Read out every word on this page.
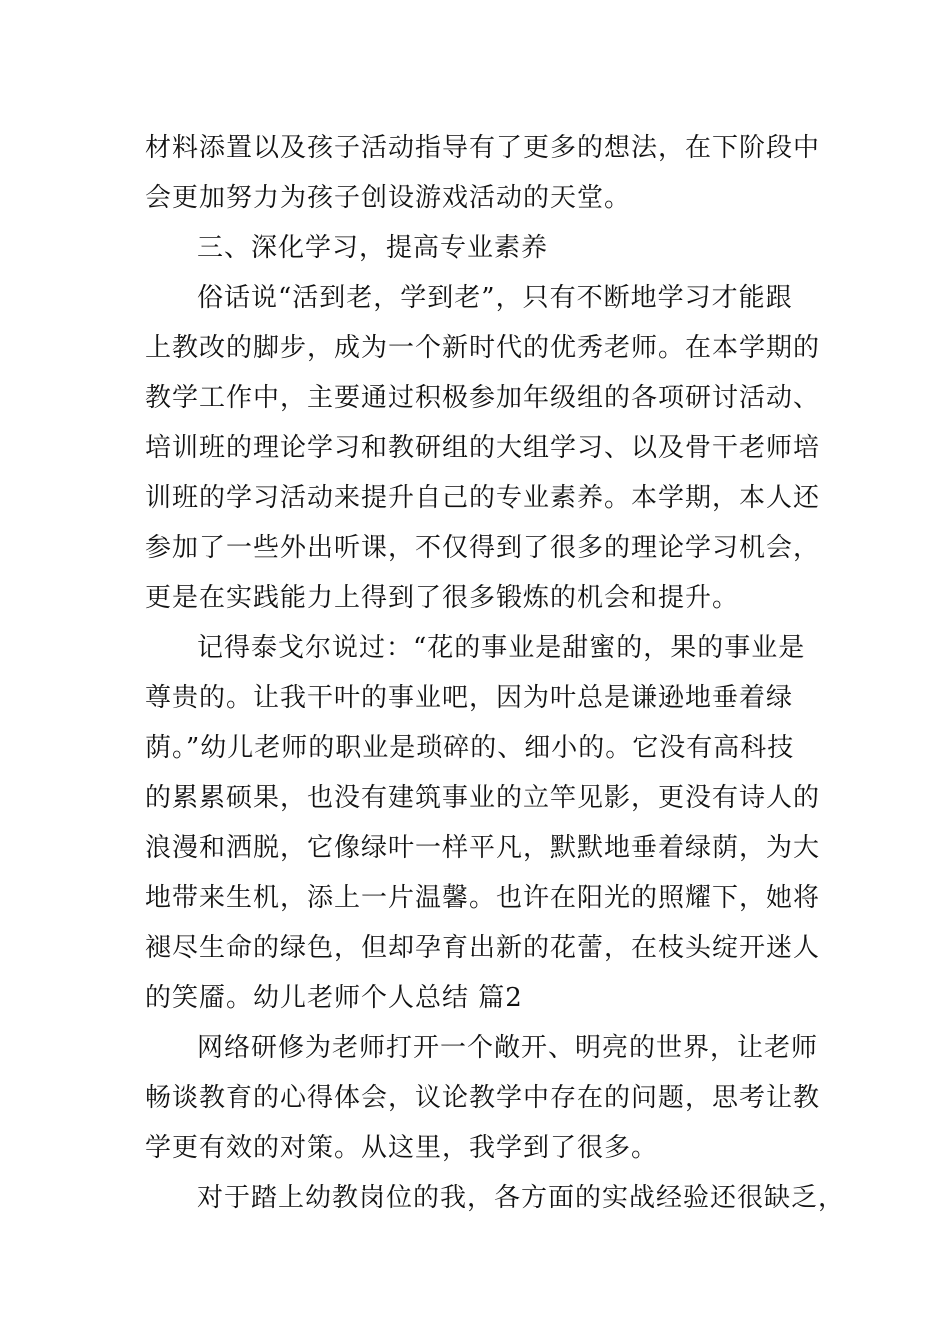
材料添置以及孩子活动指导有了更多的想法，在下阶段中
会更加努力为孩子创设游戏活动的天堂。
三、深化学习，提高专业素养
俗话说“活到老，学到老”，只有不断地学习才能跟
上教改的脚步，成为一个新时代的优秀老师。在本学期的
教学工作中，主要通过积极参加年级组的各项研讨活动、
培训班的理论学习和教研组的大组学习、以及骨干老师培
训班的学习活动来提升自己的专业素养。本学期，本人还
参加了一些外出听课，不仅得到了很多的理论学习机会，
更是在实践能力上得到了很多锻炼的机会和提升。
记得泰戈尔说过：“花的事业是甜蜜的，果的事业是
尊贵的。让我干叶的事业吧，因为叶总是谦逊地垂着绿
荫。”幼儿老师的职业是琐碎的、细小的。它没有高科技
的累累硕果，也没有建筑事业的立竿见影，更没有诗人的
浪漫和洒脱，它像绿叶一样平凡，默默地垂着绿荫，为大
地带来生机，添上一片温馨。也许在阳光的照耀下，她将
褪尽生命的绿色，但却孕育出新的花蕾，在枝头绽开迷人
的笑靥。幼儿老师个人总结 篇2
网络研修为老师打开一个敞开、明亮的世界，让老师
畅谈教育的心得体会，议论教学中存在的问题，思考让教
学更有效的对策。从这里，我学到了很多。
对于踏上幼教岗位的我，各方面的实战经验还很缺乏，
